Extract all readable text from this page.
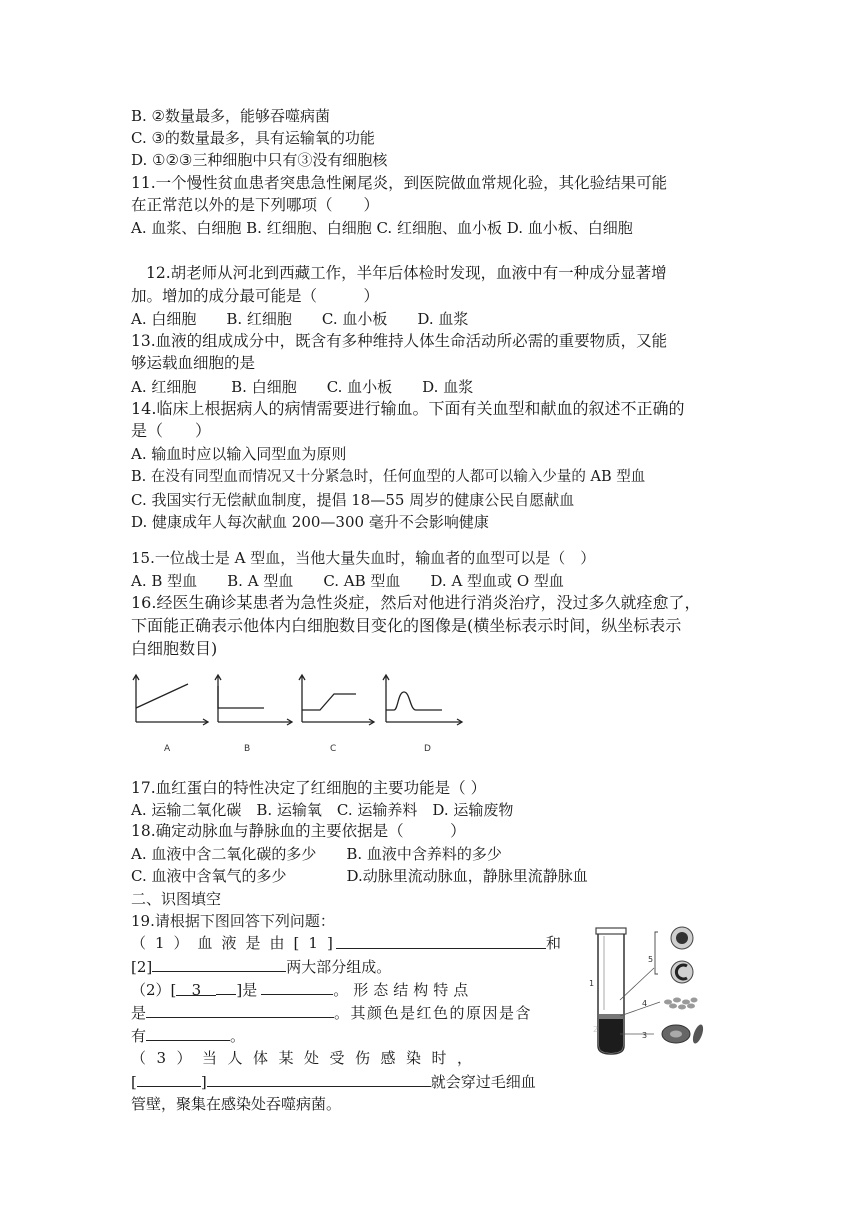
B. ②数量最多，能够吞噬病菌
C. ③的数量最多，具有运输氧的功能
D. ①②③三种细胞中只有③没有细胞核
11.一个慢性贫血患者突患急性阑尾炎，到医院做血常规化验，其化验结果可能
在正常范以外的是下列哪项（　　）
A. 血浆、白细胞 B. 红细胞、白细胞 C. 红细胞、血小板 D. 血小板、白细胞
12.胡老师从河北到西藏工作，半年后体检时发现，血液中有一种成分显著增
加。增加的成分最可能是（　　　）
A. 白细胞　　B. 红细胞　　C. 血小板　　D. 血浆
13.血液的组成成分中，既含有多种维持人体生命活动所必需的重要物质，又能
够运载血细胞的是
A. 红细胞　　 B. 白细胞　　C. 血小板　　D. 血浆
14.临床上根据病人的病情需要进行输血。下面有关血型和献血的叙述不正确的
是（　　）
A. 输血时应以输入同型血为原则
B. 在没有同型血而情况又十分紧急时，任何血型的人都可以输入少量的 AB 型血
C. 我国实行无偿献血制度，提倡 18—55 周岁的健康公民自愿献血
D. 健康成年人每次献血 200—300 毫升不会影响健康
15.一位战士是 A 型血，当他大量失血时，输血者的血型可以是（　）
A. B 型血　　B. A 型血　　C. AB 型血　　D. A 型血或 O 型血
16.经医生确诊某患者为急性炎症，然后对他进行消炎治疗，没过多久就痊愈了，
下面能正确表示他体内白细胞数目变化的图像是(横坐标表示时间，纵坐标表示
白细胞数目)
A	B	C	D
17.血红蛋白的特性决定了红细胞的主要功能是（ ）
A. 运输二氧化碳　B. 运输氧　C. 运输养料　D. 运输废物
18.确定动脉血与静脉血的主要依据是（　　　）
A. 血液中含二氧化碳的多少　　B. 血液中含养料的多少
C. 血液中含氧气的多少　　　　D.动脉里流动脉血，静脉里流静脉血
二、识图填空
19.请根据下图回答下列问题：
（1）血液是由[1]	和
[2]	两大部分组成。
（2）[ 3 ]是	。形态结构特点
是	。其颜色是红色的原因是含
有	。
（3）当人体某处受伤感染时，
[	]	就会穿过毛细血
管壁，聚集在感染处吞噬病菌。
1
2
5
4
3
